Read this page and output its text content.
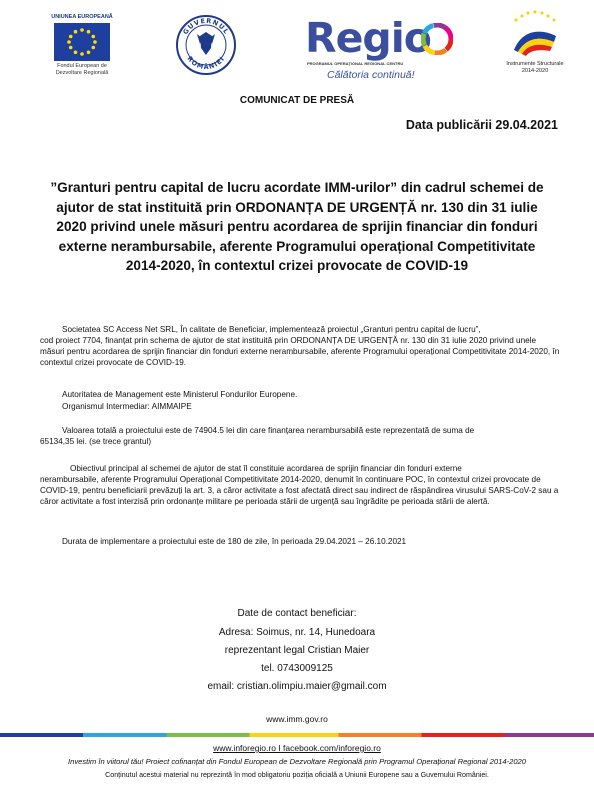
UNIUNEA EUROPEANĂ
Fondul European de
Dezvoltare Regională
GUVERNUL
ROMÂNIEI Regio
PROGRAMUL OPERAȚIONAL REGIONAL CENTRU
Călătoria continuă!
Instrumente Structurale
2014-2020
COMUNICAT DE PRESĂ
Data publicării 29.04.2021
”Granturi pentru capital de lucru acordate IMM-urilor” din cadrul schemei de ajutor de stat instituită prin ORDONANȚA DE URGENȚĂ nr. 130 din 31 iulie 2020 privind unele măsuri pentru acordarea de sprijin financiar din fonduri externe nerambursabile, aferente Programului operațional Competitivitate 2014-2020, în contextul crizei provocate de COVID-19
Societatea SC Access Net SRL, În calitate de Beneficiar, implementează proiectul „Granturi pentru capital de lucru”,
cod proiect 7704, finanțat prin schema de ajutor de stat instituită prin ORDONANȚA DE URGENȚĂ nr. 130 din 31 iulie 2020 privind unele măsuri pentru acordarea de sprijin financiar din fonduri externe nerambursabile, aferente Programului operațional Competitivitate 2014-2020, în contextul crizei provocate de COVID-19.
Autoritatea de Management este Ministerul Fondurilor Europene.
Organismul Intermediar: AIMMAIPE
Valoarea totală a proiectului este de 74904.5 lei din care finanțarea nerambursabilă este reprezentată de suma de
65134,35 lei. (se trece grantul)
Obiectivul principal al schemei de ajutor de stat îl constituie acordarea de sprijin financiar din fonduri externe
nerambursabile, aferente Programului Operațional Competitivitate 2014-2020, denumit în continuare POC, în contextul crizei provocate de COVID-19, pentru beneficiarii prevăzuți la art. 3, a căror activitate a fost afectată direct sau indirect de răspândirea virusului SARS-CoV-2 sau a căror activitate a fost interzisă prin ordonanțe militare pe perioada stării de urgență sau îngrădite pe perioada stării de alertă.
Durata de implementare a proiectului este de 180 de zile, în perioada 29.04.2021 – 26.10.2021
Date de contact beneficiar:
Adresa: Soimus, nr. 14, Hunedoara
reprezentant legal Cristian Maier
tel. 0743009125
email: cristian.olimpiu.maier@gmail.com
www.imm.gov.ro
www.inforegio.ro I facebook.com/inforegio.ro
Investim în viitorul tău! Proiect cofinanțat din Fondul European de Dezvoltare Regională prin Programul Operațional Regional 2014-2020
Conținutul acestui material nu reprezintă în mod obligatoriu poziția oficială a Uniunii Europene sau a Guvernului României.
